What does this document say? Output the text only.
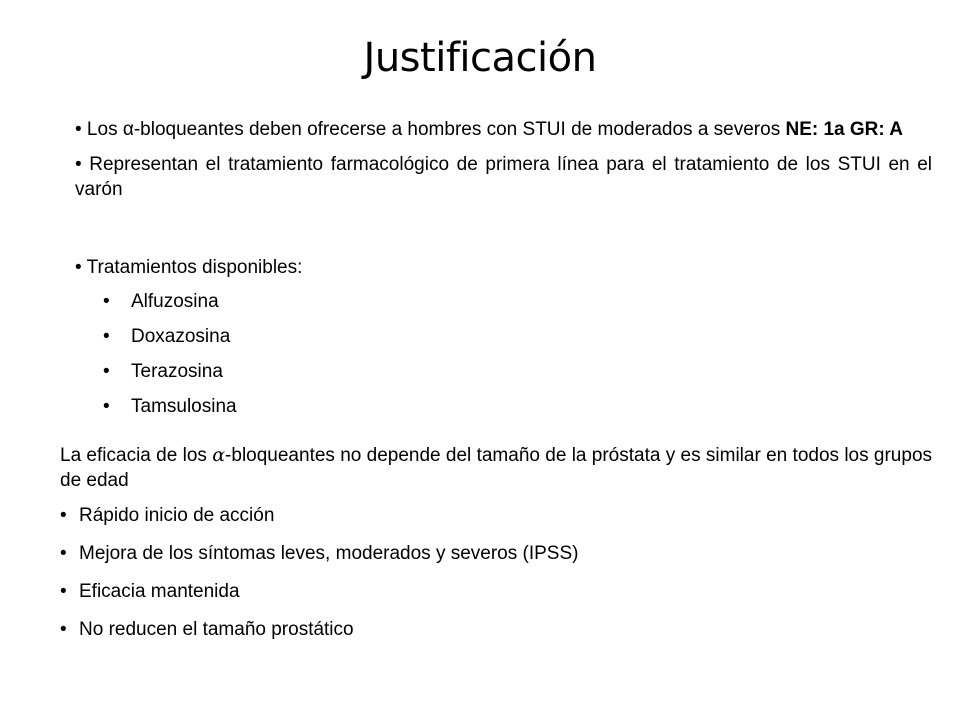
Justificación

• Los α-bloqueantes deben ofrecerse a hombres con STUI de moderados a severos NE: 1a GR: A

• Representan el tratamiento farmacológico de primera línea para el tratamiento de los STUI en el varón

• Tratamientos disponibles:

• Alfuzosina
• Doxazosina
• Terazosina
• Tamsulosina

La eficacia de los α-bloqueantes no depende del tamaño de la próstata y es similar en todos los grupos de edad

• Rápido inicio de acción
• Mejora de los síntomas leves, moderados y severos (IPSS)
• Eficacia mantenida
• No reducen el tamaño prostático
